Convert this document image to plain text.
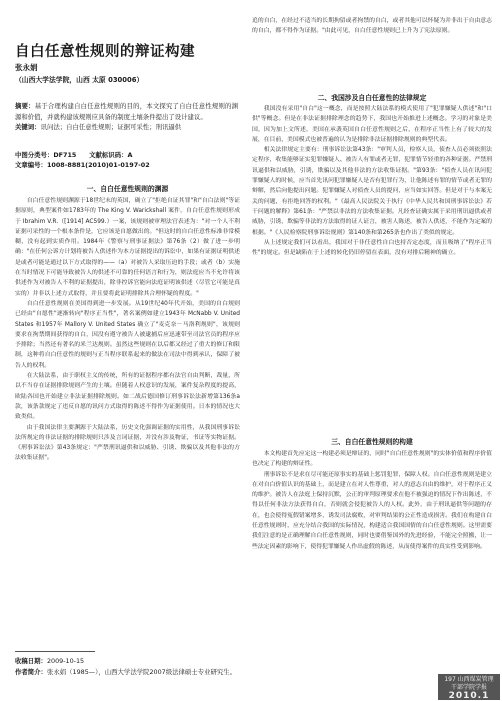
自白任意性规则的辩证构建
张永娟
（山西大学法学院，山西 太原 030006）
摘要：基于合理构建自白任意性规则的目的，本文探究了自白任意性规则的渊源和价值，并就构建该规则应具备的制度土壤条件提出了设计建议。
关键词：讯问法；自白任意性规则；证据可采性；刑讯逼供
中图分类号：DF715　　文献标识码：A
文章编号：1008-8881(2010)01-0197-02
一、自白任意性规则的渊源

自白任意性规则渊源于18世纪末的英国，确立了"拒绝自证其罪"和"自白法则"等证据原则，典型案件如1783年的 The King V. Warickshall 案件，自白任意性规则形成于 Ibrahim V.R.（[1914] AC599.）一案，该规则被审理法官表述为："对一个人不利证据可采性的一个根本条件是，它应该是自愿做出的。"但这时的自白任意性标准非常模糊，没有起到实质作用。1984年《警察与刑事证据法》第76条（2）做了进一步明确："在任何公诉方计划将被告人供述作为本方证据提出的诉讼中，如果有证据证明供述是或者可能是通过以下方式取得的——（a）对被告人采取压迫的手段；或者（b）实施在当时情况下可能导致被告人的供述不可靠的任何语言和行为，则法庭应当不允许将该供述作为对被告人不利的证据提出，除非控诉官能向法庭证明该供述（尽管它可能是真实的）并非以上述方式取得，并且要将此证明排除其合理怀疑的程度。"

自白任意性规则在美国得到进一步发展。从19世纪40年代开始，美国的自白规则已经由"自愿性"逐渐转向"程序正当性"，著名案例如建立1943年 McNabb V. United States 和1957年 Mallory V. United States 确立了"麦克奈－马洛利规则"，该规则要求在拘禁期间获得的自白，因没有遵守被告人被逮捕后应迅速带至司法官员的程序应予排除；当然还有著名的米兰达规则。虽然这些规则在以后都又经过了重大的修订和限制，这种将自白任意性的规则与正当程序联系起来的做法在司法中得到承认，保障了被告人的权利。

在大陆法系，由于职权主义的传统，所有的证据程序都有法官自由判断，裁量，所以不当存在证据排除规则产生的土壤。但随着人权意识的发展，案件复杂程度的提高，欧陆各国也开始建立非法证据排除规则。如二战后德国修订刑事诉讼法新增第136条a款，该条款规定了违反自愿的讯问方式取得的陈述不得作为证据使用。日本的情况也大致类似。

由于我国法律主要渊源于大陆法系，历史文化强调证据的实用性，从我国刑事诉讼法所规定的非法证据的排除规则只涉及言词证据，并没有涉及物证，书证等实物证据。《刑事诉讼法》第43条规定："严禁刑讯逼供和以威胁、引诱、欺骗以及其他非法的方法收集证据"。

收稿日期：2009-10-15
作者简介：张永娟（1985—），山西大学法学院2007级法律硕士专业研究生。

追的自白，在经过不适当的长期拘留或者拘禁的自白，或者其他可以怀疑为并非出于自由意志的自白，都不得作为证据。"由此可见，自白任意性规则已上升为了宪法原则。

二、我国涉及自白任意性的法律规定

我国没有采用"自白"这一概念，而是按照大陆法系的模式使用了"犯罪嫌疑人供述"和"口供"等概念。但是在非法证据排除理念的趋势下，我国也开始推进上述概念。学习的对象是美国，因为加上文所述，美国在承袭英国自白任意性规则之后，在程序正当性上有了较大的发展，在目前，美国模式也被普遍的认为是排除非法证据排除规则的典型代表。

相关法律规定主要有：刑事诉讼法第43条："审判人员，检察人员，侦查人员必须依照法定程序，收集能够证实犯罪嫌疑人、被告人有罪或者无罪，犯罪情节轻重的各种证据。严禁刑讯逼供和以威胁，引诱，欺骗以及其他非法的方法收集证据。"第93条："侦查人员在讯问犯罪嫌疑人的时候，应当首先讯问犯罪嫌疑人是否有犯罪行为，让他陈述有罪的情节或者无罪的辩解，然后向他提出问题。犯罪嫌疑人对侦查人员的提问，应当如实回答。但是对于与本案无关的问题，有拒绝回答的权利。"《最高人民法院关于执行《中华人民共和国刑事诉讼法》若干问题的解释》第61条："严禁以非法的方法收集证据。凡经查证确实属于采用刑讯逼供或者威胁，引诱，欺骗等非法的方法取得的证人证言，被害人陈述，被告人供述，不能作为定案的根据。"《人民检察院刑事诉讼规则》第140条和第265条也作出了类似的规定。

从上述规定我们可以看出，我国对于非任意性自白也持否定态度，而且吸纳了"程序正当性"的规定。但是缺陷在于上述的转化仍旧停留在表面，没有对排后精神的确立。

三、自白任意性规则的构建

本文构建首先应定这一构建必须是辩证的，同时"自白任意性规则"的实体价值和程序价值也决定了构建的辩证性。

刑事诉讼不是求在尽可能还原事实的基础上惩罚犯罪，保障人权。自白任意性规则是建立在对自白价值认识的基础上，而是建立在对人性尊重，对人的意志自由的维护，对于程序正义的维护。被告人在法庭上保持沉默，公正的审判原理要求在他不被强迫的情况下作出陈述，不得以任何非法方法获得自白，否则就会侵犯被告人的人权。此外，由于刑讯逼供等问题的存在，也会使得冤假错案增多，诱发司法腐败，对审判结果的公正性造成损害。我们在构建自白任意性规则时，应充分结合我国的实际情况，构建适合我国国情的自白任意性规则。这里需要我们注意的是正确理解自白任意性规则，同时也要借鉴国外的先进经验，不能完全照搬，让一些法定因素的影响下，使得犯罪嫌疑人作出虚假的陈述，从而使得案件的真实性受到影响。

197 山西煤炭管理
干部学院学报
2010.1
